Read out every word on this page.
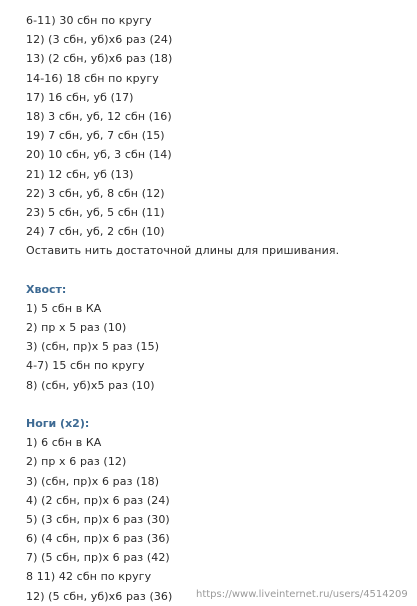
6-11) 30 сбн по кругу
12) (3 сбн, уб)х6 раз (24)
13) (2 сбн, уб)х6 раз (18)
14-16) 18 сбн по кругу
17) 16 сбн, уб (17)
18) 3 сбн, уб, 12 сбн (16)
19) 7 сбн, уб, 7 сбн (15)
20) 10 сбн, уб, 3 сбн (14)
21) 12 сбн, уб (13)
22) 3 сбн, уб, 8 сбн (12)
23) 5 сбн, уб, 5 сбн (11)
24) 7 сбн, уб, 2 сбн (10)
Оставить нить достаточной длины для пришивания.
Хвост:
1) 5 сбн в КА
2) пр х 5 раз (10)
3) (сбн, пр)х 5 раз (15)
4-7) 15 сбн по кругу
8) (сбн, уб)х5 раз (10)
Ноги (х2):
1) 6 сбн в КА
2) пр х 6 раз (12)
3) (сбн, пр)х 6 раз (18)
4) (2 сбн, пр)х 6 раз (24)
5) (3 сбн, пр)х 6 раз (30)
6) (4 сбн, пр)х 6 раз (36)
7) (5 сбн, пр)х 6 раз (42)
8 11) 42 сбн по кругу
12) (5 сбн, уб)х6 раз (36)	https://www.liveinternet.ru/users/4514209
